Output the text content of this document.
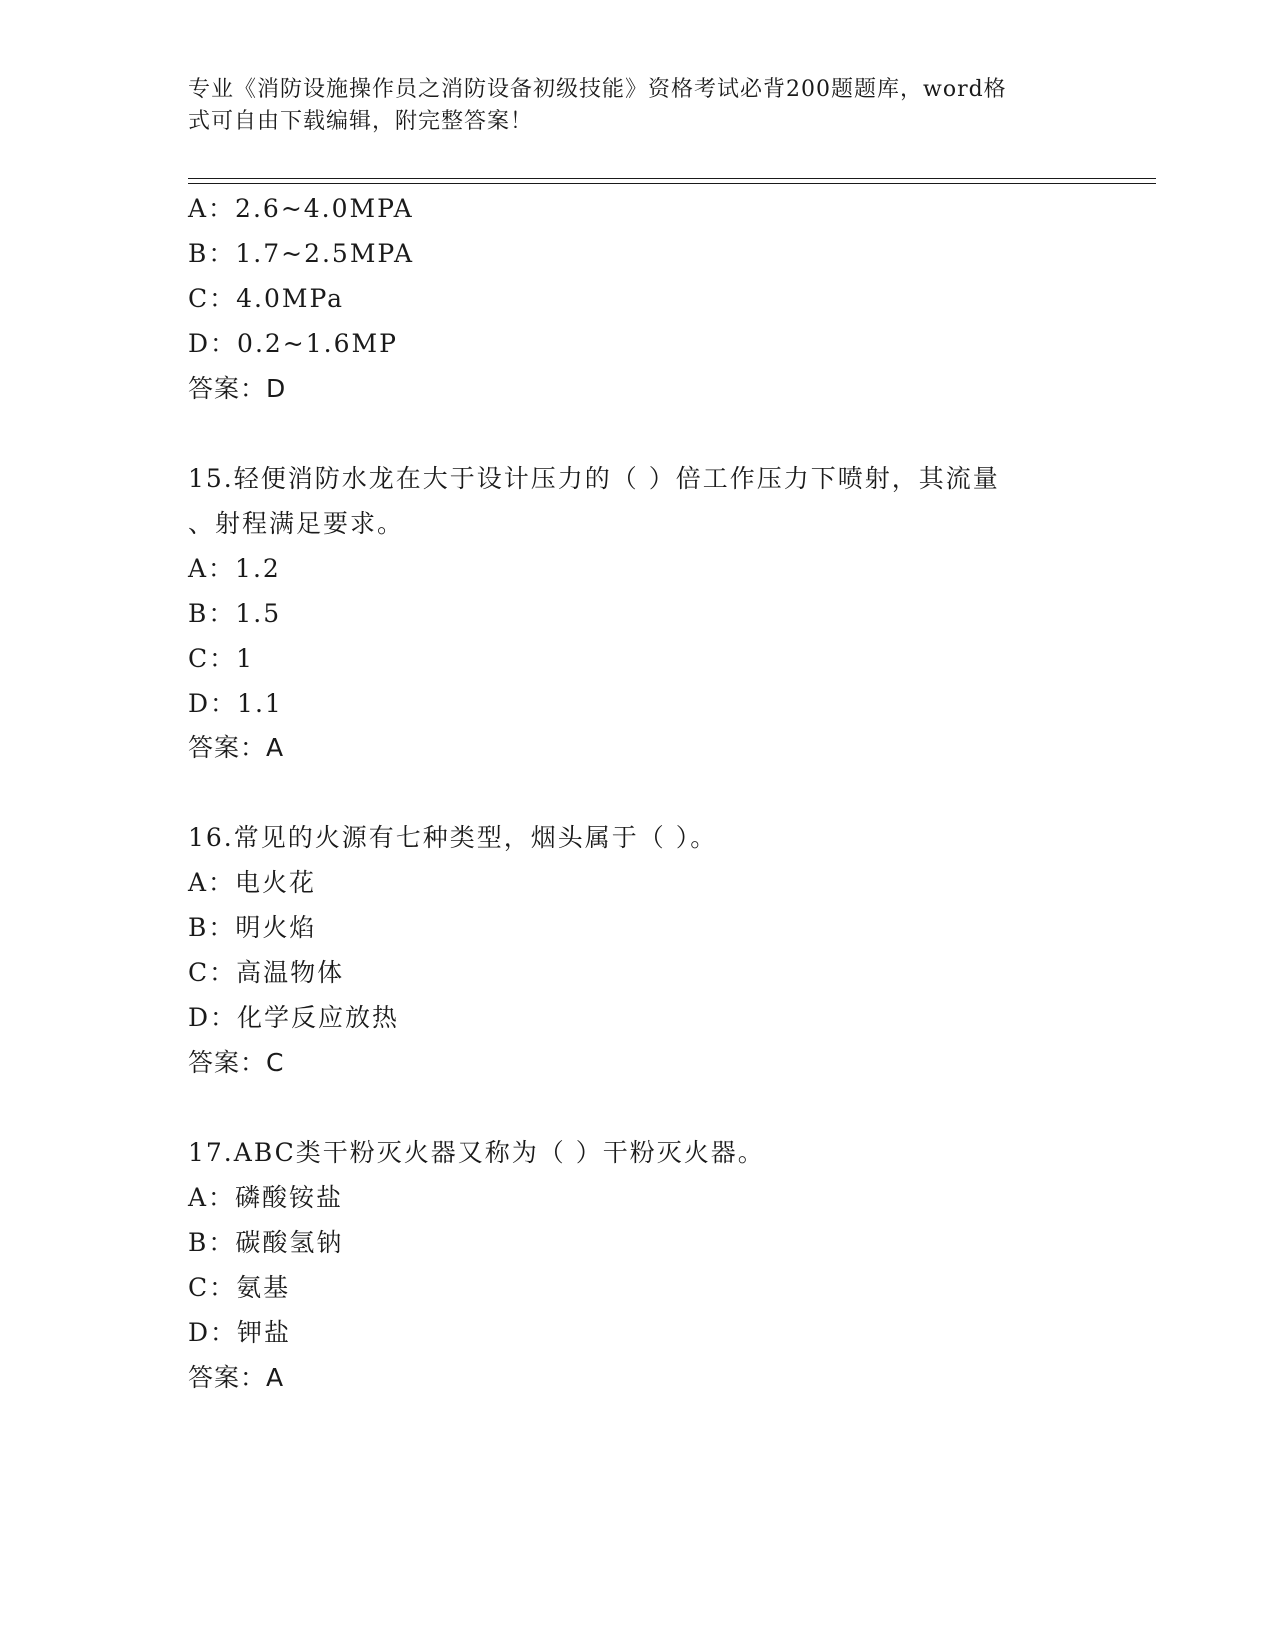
专业《消防设施操作员之消防设备初级技能》资格考试必背200题题库，word格
式可自由下载编辑，附完整答案！
A：2.6~4.0MPA
B：1.7~2.5MPA
C：4.0MPa
D：0.2~1.6MP
答案：D
15.轻便消防水龙在大于设计压力的（ ）倍工作压力下喷射，其流量
、射程满足要求。
A：1.2
B：1.5
C：1
D：1.1
答案：A
16.常见的火源有七种类型，烟头属于（ ）。
A：电火花
B：明火焰
C：高温物体
D：化学反应放热
答案：C
17.ABC类干粉灭火器又称为（ ）干粉灭火器。
A：磷酸铵盐
B：碳酸氢钠
C：氨基
D：钾盐
答案：A
